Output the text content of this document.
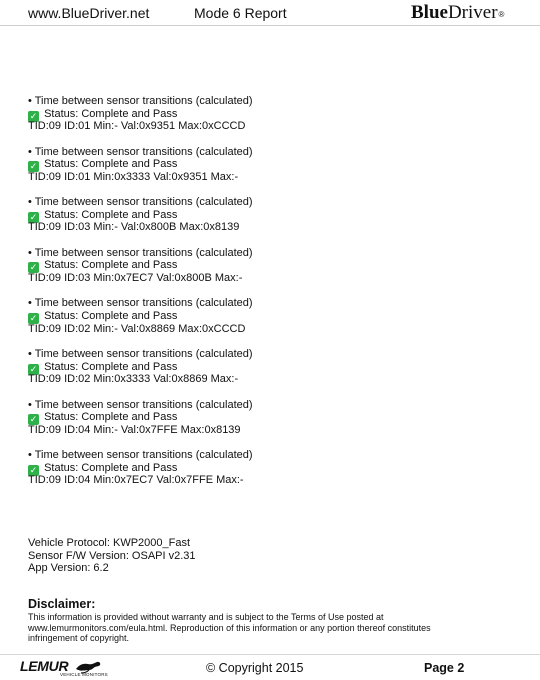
www.BlueDriver.net	Mode 6 Report	BlueDriver®
• Time between sensor transitions (calculated)
✓ Status: Complete and Pass
TID:09 ID:01 Min:- Val:0x9351 Max:0xCCCD
• Time between sensor transitions (calculated)
✓ Status: Complete and Pass
TID:09 ID:01 Min:0x3333 Val:0x9351 Max:-
• Time between sensor transitions (calculated)
✓ Status: Complete and Pass
TID:09 ID:03 Min:- Val:0x800B Max:0x8139
• Time between sensor transitions (calculated)
✓ Status: Complete and Pass
TID:09 ID:03 Min:0x7EC7 Val:0x800B Max:-
• Time between sensor transitions (calculated)
✓ Status: Complete and Pass
TID:09 ID:02 Min:- Val:0x8869 Max:0xCCCD
• Time between sensor transitions (calculated)
✓ Status: Complete and Pass
TID:09 ID:02 Min:0x3333 Val:0x8869 Max:-
• Time between sensor transitions (calculated)
✓ Status: Complete and Pass
TID:09 ID:04 Min:- Val:0x7FFE Max:0x8139
• Time between sensor transitions (calculated)
✓ Status: Complete and Pass
TID:09 ID:04 Min:0x7EC7 Val:0x7FFE Max:-
Vehicle Protocol: KWP2000_Fast
Sensor F/W Version: OSAPI v2.31
App Version: 6.2
Disclaimer:
This information is provided without warranty and is subject to the Terms of Use posted at
www.lemurmonitors.com/eula.html. Reproduction of this information or any portion thereof constitutes
infringement of copyright.
LEMUR
VEHICLE MONITORS	© Copyright 2015	Page 2
